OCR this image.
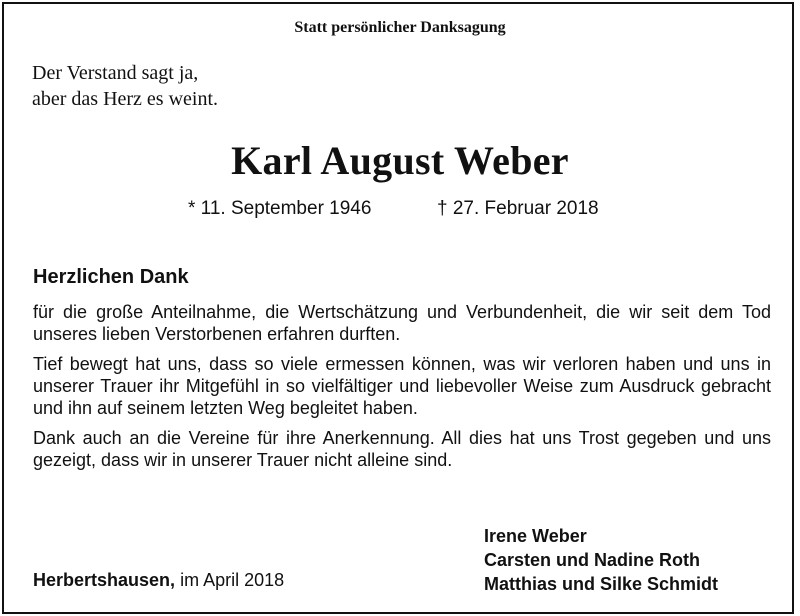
Statt persönlicher Danksagung
Der Verstand sagt ja,
aber das Herz es weint.
Karl August Weber
* 11. September 1946	† 27. Februar 2018
Herzlichen Dank

für die große Anteilnahme, die Wertschätzung und Verbundenheit, die wir seit dem Tod unseres lieben Verstorbenen erfahren durften.

Tief bewegt hat uns, dass so viele ermessen können, was wir verloren haben und uns in unserer Trauer ihr Mitgefühl in so vielfältiger und liebevoller Weise zum Ausdruck gebracht und ihn auf seinem letzten Weg begleitet haben.

Dank auch an die Vereine für ihre Anerkennung. All dies hat uns Trost gegeben und uns gezeigt, dass wir in unserer Trauer nicht alleine sind.

Herbertshausen, im April 2018
Irene Weber
Carsten und Nadine Roth
Matthias und Silke Schmidt
